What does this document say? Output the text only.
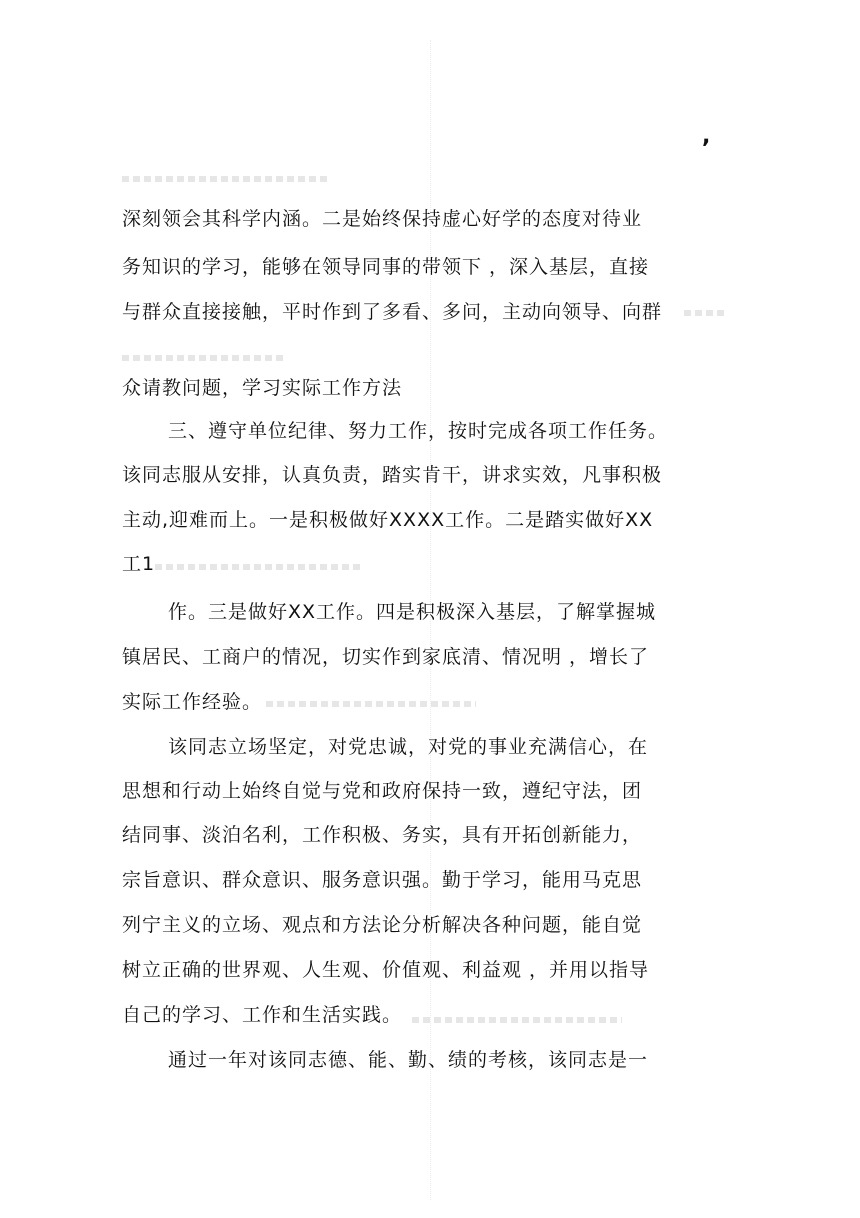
,
深刻领会其科学内涵。二是始终保持虚心好学的态度对待业
务知识的学习，能够在领导同事的带领下 ，深入基层，直接
与群众直接接触，平时作到了多看、多问，主动向领导、向群
众请教问题，学习实际工作方法
三、遵守单位纪律、努力工作，按时完成各项工作任务。
该同志服从安排，认真负责，踏实肯干，讲求实效，凡事积极
主动,迎难而上。一是积极做好XXXX工作。二是踏实做好XX
工1
作。三是做好XX工作。四是积极深入基层，了解掌握城
镇居民、工商户的情况，切实作到家底清、情况明 ，增长了
实际工作经验。
该同志立场坚定，对党忠诚，对党的事业充满信心，在
思想和行动上始终自觉与党和政府保持一致，遵纪守法，团
结同事、淡泊名利，工作积极、务实，具有开拓创新能力，
宗旨意识、群众意识、服务意识强。勤于学习，能用马克思
列宁主义的立场、观点和方法论分析解决各种问题，能自觉
树立正确的世界观、人生观、价值观、利益观 ，并用以指导
自己的学习、工作和生活实践。
通过一年对该同志德、能、勤、绩的考核，该同志是一
